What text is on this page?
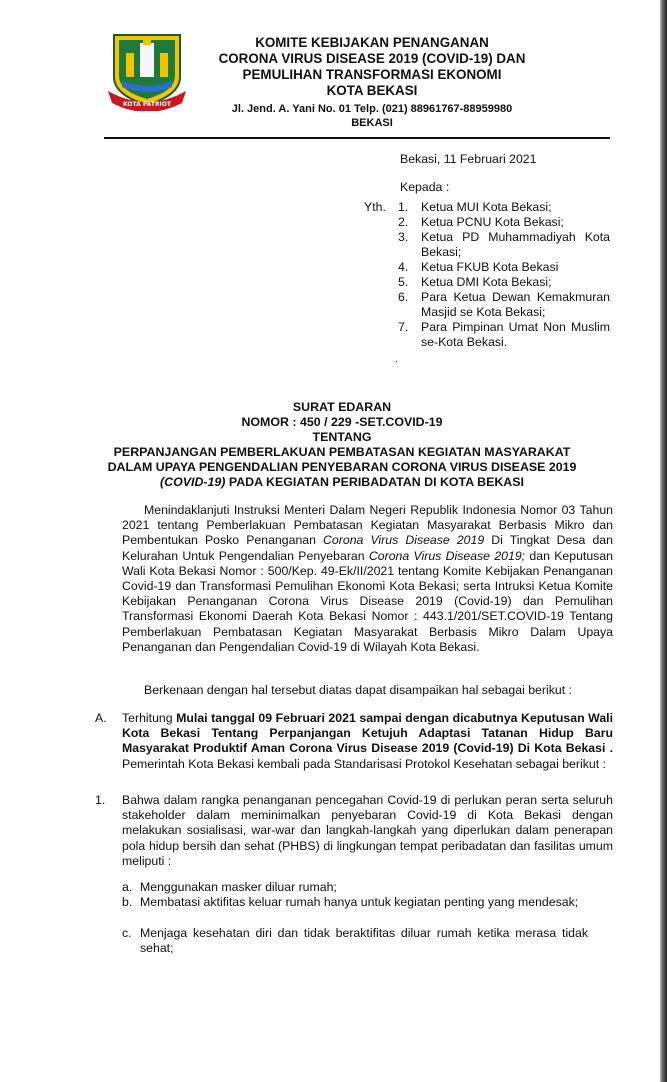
KOTA PATRIOT
KOMITE KEBIJAKAN PENANGANAN
CORONA VIRUS DISEASE 2019 (COVID-19) DAN
PEMULIHAN TRANSFORMASI EKONOMI
KOTA BEKASI
Jl. Jend. A. Yani No. 01 Telp. (021) 88961767-88959980
BEKASI
Bekasi, 11 Februari 2021
Kepada :
Yth. 1. Ketua MUI Kota Bekasi;
2. Ketua PCNU Kota Bekasi;
3. Ketua PD Muhammadiyah Kota Bekasi;
4. Ketua FKUB Kota Bekasi
5. Ketua DMI Kota Bekasi;
6. Para Ketua Dewan Kemakmuran Masjid se Kota Bekasi;
7. Para Pimpinan Umat Non Muslim se-Kota Bekasi.
.
SURAT EDARAN
NOMOR : 450 / 229 -SET.COVID-19
TENTANG
PERPANJANGAN PEMBERLAKUAN PEMBATASAN KEGIATAN MASYARAKAT
DALAM UPAYA PENGENDALIAN PENYEBARAN CORONA VIRUS DISEASE 2019
(COVID-19) PADA KEGIATAN PERIBADATAN DI KOTA BEKASI

Menindaklanjuti Instruksi Menteri Dalam Negeri Republik Indonesia Nomor 03 Tahun 2021 tentang Pemberlakuan Pembatasan Kegiatan Masyarakat Berbasis Mikro dan Pembentukan Posko Penanganan Corona Virus Disease 2019 Di Tingkat Desa dan Kelurahan Untuk Pengendalian Penyebaran Corona Virus Disease 2019; dan Keputusan Wali Kota Bekasi Nomor : 500/Kep. 49-Ek/II/2021 tentang Komite Kebijakan Penanganan Covid-19 dan Transformasi Pemulihan Ekonomi Kota Bekasi; serta Intruksi Ketua Komite Kebijakan Penanganan Corona Virus Disease 2019 (Covid-19) dan Pemulihan Transformasi Ekonomi Daerah Kota Bekasi Nomor : 443.1/201/SET.COVID-19 Tentang Pemberlakuan Pembatasan Kegiatan Masyarakat Berbasis Mikro Dalam Upaya Penanganan dan Pengendalian Covid-19 di Wilayah Kota Bekasi.

Berkenaan dengan hal tersebut diatas dapat disampaikan hal sebagai berikut :

A. Terhitung Mulai tanggal 09 Februari 2021 sampai dengan dicabutnya Keputusan Wali Kota Bekasi Tentang Perpanjangan Ketujuh Adaptasi Tatanan Hidup Baru Masyarakat Produktif Aman Corona Virus Disease 2019 (Covid-19) Di Kota Bekasi . Pemerintah Kota Bekasi kembali pada Standarisasi Protokol Kesehatan sebagai berikut :
1. Bahwa dalam rangka penanganan pencegahan Covid-19 di perlukan peran serta seluruh stakeholder dalam meminimalkan penyebaran Covid-19 di Kota Bekasi dengan melakukan sosialisasi, war-war dan langkah-langkah yang diperlukan dalam penerapan pola hidup bersih dan sehat (PHBS) di lingkungan tempat peribadatan dan fasilitas umum meliputi :
a. Menggunakan masker diluar rumah;
b. Membatasi aktifitas keluar rumah hanya untuk kegiatan penting yang mendesak;
c. Menjaga kesehatan diri dan tidak beraktifitas diluar rumah ketika merasa tidak sehat;
